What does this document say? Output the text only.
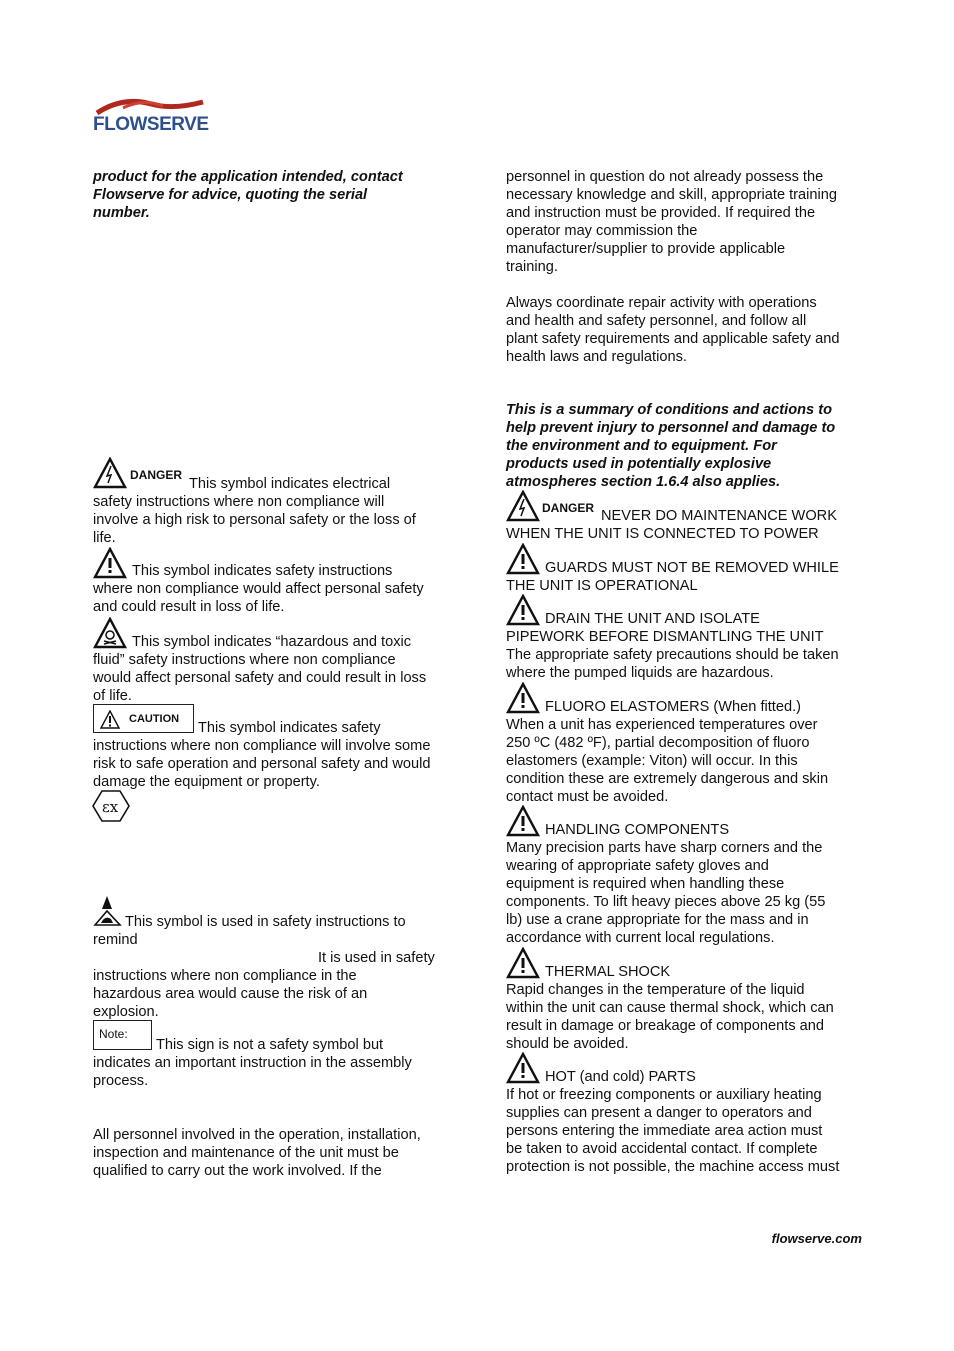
FLOWSERVE
product for the application intended, contact
Flowserve for advice, quoting the serial
number.
DANGER
This symbol indicates electrical
safety instructions where non compliance will
involve a high risk to personal safety or the loss of
life.
This symbol indicates safety instructions
where non compliance would affect personal safety
and could result in loss of life.
This symbol indicates “hazardous and toxic
fluid” safety instructions where non compliance
would affect personal safety and could result in loss
of life.
CAUTION
This symbol indicates safety
instructions where non compliance will involve some
risk to safe operation and personal safety and would
damage the equipment or property.
εx
This symbol is used in safety instructions to
remind
It is used in safety
instructions where non compliance in the
hazardous area would cause the risk of an
explosion.
Note:
This sign is not a safety symbol but
indicates an important instruction in the assembly
process.
All personnel involved in the operation, installation,
inspection and maintenance of the unit must be
qualified to carry out the work involved. If the
personnel in question do not already possess the
necessary knowledge and skill, appropriate training
and instruction must be provided. If required the
operator may commission the
manufacturer/supplier to provide applicable
training.
Always coordinate repair activity with operations
and health and safety personnel, and follow all
plant safety requirements and applicable safety and
health laws and regulations.
This is a summary of conditions and actions to
help prevent injury to personnel and damage to
the environment and to equipment. For
products used in potentially explosive
atmospheres section 1.6.4 also applies.
DANGER NEVER DO MAINTENANCE WORK
WHEN THE UNIT IS CONNECTED TO POWER
GUARDS MUST NOT BE REMOVED WHILE
THE UNIT IS OPERATIONAL
DRAIN THE UNIT AND ISOLATE
PIPEWORK BEFORE DISMANTLING THE UNIT
The appropriate safety precautions should be taken
where the pumped liquids are hazardous.
FLUORO ELASTOMERS (When fitted.)
When a unit has experienced temperatures over
250 ºC (482 ºF), partial decomposition of fluoro
elastomers (example: Viton) will occur. In this
condition these are extremely dangerous and skin
contact must be avoided.
HANDLING COMPONENTS
Many precision parts have sharp corners and the
wearing of appropriate safety gloves and
equipment is required when handling these
components. To lift heavy pieces above 25 kg (55
lb) use a crane appropriate for the mass and in
accordance with current local regulations.
THERMAL SHOCK
Rapid changes in the temperature of the liquid
within the unit can cause thermal shock, which can
result in damage or breakage of components and
should be avoided.
HOT (and cold) PARTS
If hot or freezing components or auxiliary heating
supplies can present a danger to operators and
persons entering the immediate area action must
be taken to avoid accidental contact. If complete
protection is not possible, the machine access must
flowserve.com
